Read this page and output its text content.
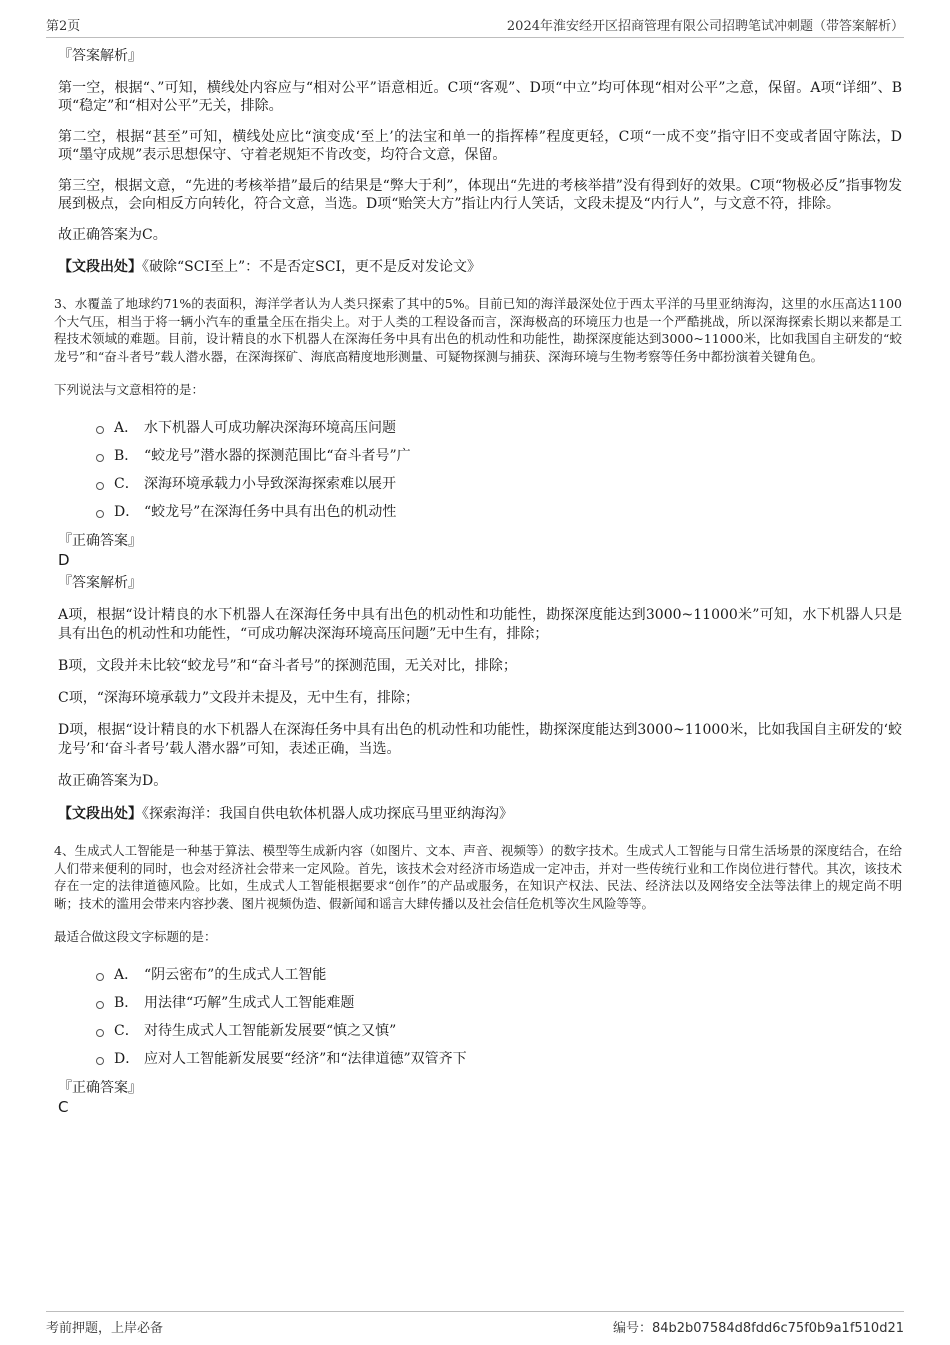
第2页	2024年淮安经开区招商管理有限公司招聘笔试冲刺题（带答案解析）
『答案解析』

第一空，根据“、”可知，横线处内容应与“相对公平”语意相近。C项“客观”、D项“中立”均可体现“相对公平”之意，保留。A项“详细”、B项“稳定”和“相对公平”无关，排除。

第二空，根据“甚至”可知，横线处应比“演变成‘至上’的法宝和单一的指挥棒”程度更轻，C项“一成不变”指守旧不变或者固守陈法，D项“墨守成规”表示思想保守、守着老规矩不肯改变，均符合文意，保留。

第三空，根据文意，“先进的考核举措”最后的结果是“弊大于利”，体现出“先进的考核举措”没有得到好的效果。C项“物极必反”指事物发展到极点，会向相反方向转化，符合文意，当选。D项“贻笑大方”指让内行人笑话，文段未提及“内行人”，与文意不符，排除。

故正确答案为C。

【文段出处】《破除“SCI至上”：不是否定SCI，更不是反对发论文》

3、水覆盖了地球约71%的表面积，海洋学者认为人类只探索了其中的5%。目前已知的海洋最深处位于西太平洋的马里亚纳海沟，这里的水压高达1100个大气压，相当于将一辆小汽车的重量全压在指尖上。对于人类的工程设备而言，深海极高的环境压力也是一个严酷挑战，所以深海探索长期以来都是工程技术领域的难题。目前，设计精良的水下机器人在深海任务中具有出色的机动性和功能性，勘探深度能达到3000~11000米，比如我国自主研发的“蛟龙号”和“奋斗者号”载人潜水器，在深海探矿、海底高精度地形测量、可疑物探测与捕获、深海环境与生物考察等任务中都扮演着关键角色。

下列说法与文意相符的是：

A． 水下机器人可成功解决深海环境高压问题
B． “蛟龙号”潜水器的探测范围比“奋斗者号”广
C． 深海环境承载力小导致深海探索难以展开
D． “蛟龙号”在深海任务中具有出色的机动性
『正确答案』
D
『答案解析』

A项，根据“设计精良的水下机器人在深海任务中具有出色的机动性和功能性，勘探深度能达到3000~11000米”可知，水下机器人只是具有出色的机动性和功能性，“可成功解决深海环境高压问题”无中生有，排除；

B项，文段并未比较“蛟龙号”和“奋斗者号”的探测范围，无关对比，排除；

C项，“深海环境承载力”文段并未提及，无中生有，排除；

D项，根据“设计精良的水下机器人在深海任务中具有出色的机动性和功能性，勘探深度能达到3000~11000米，比如我国自主研发的‘蛟龙号’和‘奋斗者号’载人潜水器”可知，表述正确，当选。

故正确答案为D。

【文段出处】《探索海洋：我国自供电软体机器人成功探底马里亚纳海沟》

4、生成式人工智能是一种基于算法、模型等生成新内容（如图片、文本、声音、视频等）的数字技术。生成式人工智能与日常生活场景的深度结合，在给人们带来便利的同时，也会对经济社会带来一定风险。首先，该技术会对经济市场造成一定冲击，并对一些传统行业和工作岗位进行替代。其次，该技术存在一定的法律道德风险。比如，生成式人工智能根据要求“创作”的产品或服务，在知识产权法、民法、经济法以及网络安全法等法律上的规定尚不明晰；技术的滥用会带来内容抄袭、图片视频伪造、假新闻和谣言大肆传播以及社会信任危机等次生风险等等。

最适合做这段文字标题的是：

A． “阴云密布”的生成式人工智能
B． 用法律“巧解”生成式人工智能难题
C． 对待生成式人工智能新发展要“慎之又慎”
D． 应对人工智能新发展要“经济”和“法律道德”双管齐下
『正确答案』
C
考前押题，上岸必备	编号：84b2b07584d8fdd6c75f0b9a1f510d21
